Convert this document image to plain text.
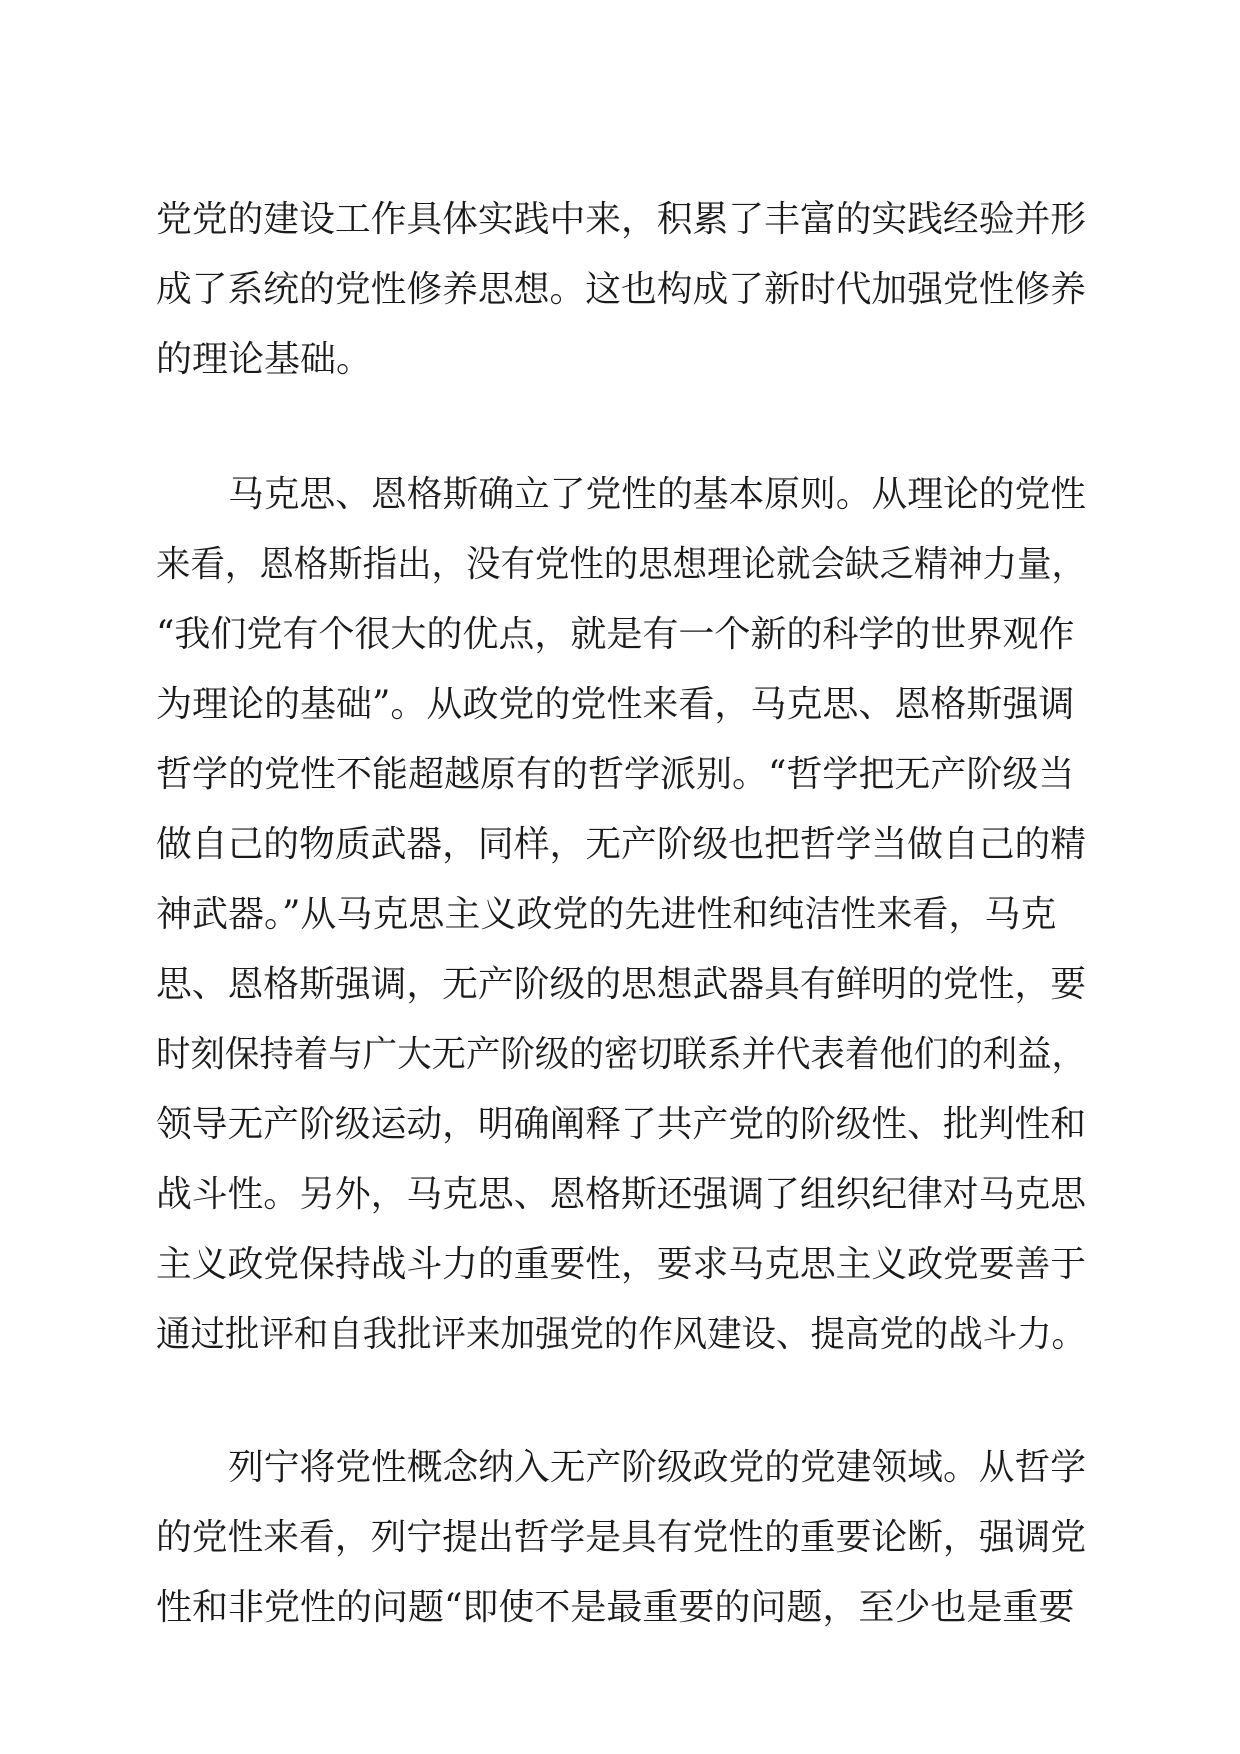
党党的建设工作具体实践中来，积累了丰富的实践经验并形
成了系统的党性修养思想。这也构成了新时代加强党性修养
的理论基础。
马克思、恩格斯确立了党性的基本原则。从理论的党性
来看，恩格斯指出，没有党性的思想理论就会缺乏精神力量，
“我们党有个很大的优点，就是有一个新的科学的世界观作
为理论的基础”。从政党的党性来看，马克思、恩格斯强调
哲学的党性不能超越原有的哲学派别。“哲学把无产阶级当
做自己的物质武器，同样，无产阶级也把哲学当做自己的精
神武器。”从马克思主义政党的先进性和纯洁性来看，马克
思、恩格斯强调，无产阶级的思想武器具有鲜明的党性，要
时刻保持着与广大无产阶级的密切联系并代表着他们的利益，
领导无产阶级运动，明确阐释了共产党的阶级性、批判性和
战斗性。另外，马克思、恩格斯还强调了组织纪律对马克思
主义政党保持战斗力的重要性，要求马克思主义政党要善于
通过批评和自我批评来加强党的作风建设、提高党的战斗力。
列宁将党性概念纳入无产阶级政党的党建领域。从哲学
的党性来看，列宁提出哲学是具有党性的重要论断，强调党
性和非党性的问题“即使不是最重要的问题，至少也是重要
